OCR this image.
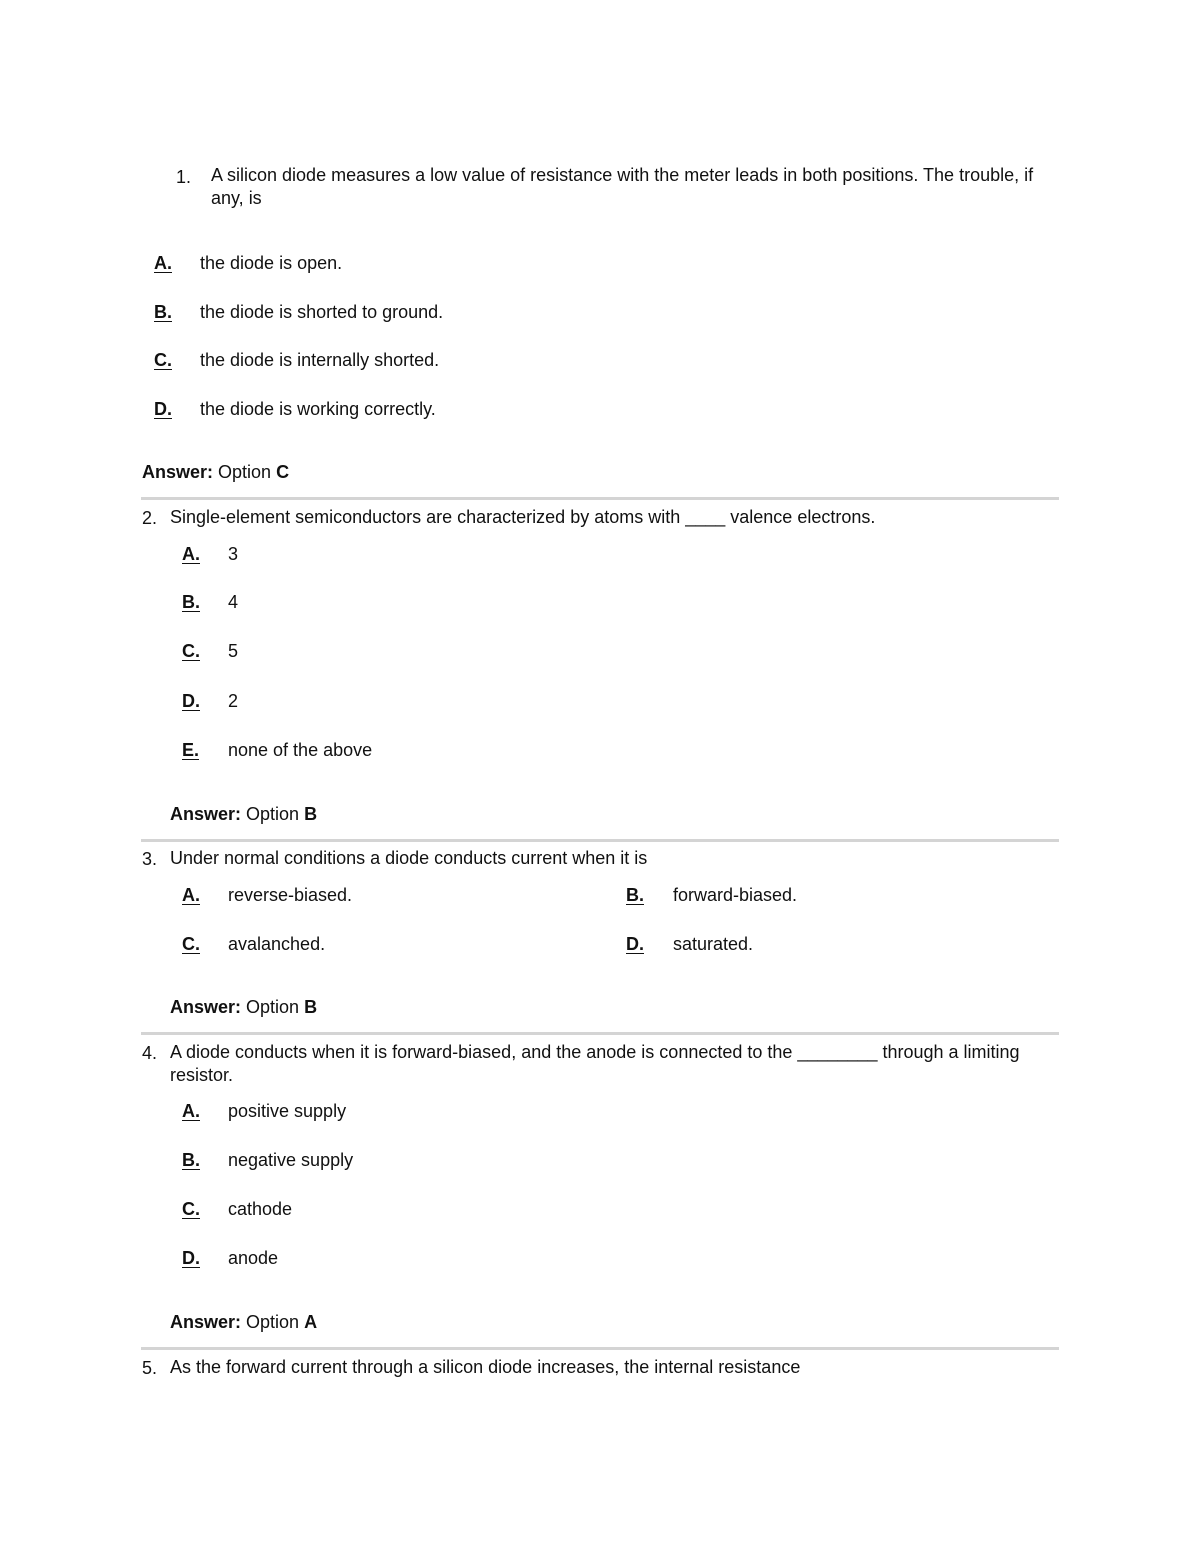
1. A silicon diode measures a low value of resistance with the meter leads in both positions. The trouble, if any, is
A. the diode is open.
B. the diode is shorted to ground.
C. the diode is internally shorted.
D. the diode is working correctly.
Answer: Option C
2. Single-element semiconductors are characterized by atoms with ____ valence electrons.
A. 3
B. 4
C. 5
D. 2
E. none of the above
Answer: Option B
3. Under normal conditions a diode conducts current when it is
A. reverse-biased.	B. forward-biased.
C. avalanched.	D. saturated.
Answer: Option B
4. A diode conducts when it is forward-biased, and the anode is connected to the ________ through a limiting resistor.
A. positive supply
B. negative supply
C. cathode
D. anode
Answer: Option A
5. As the forward current through a silicon diode increases, the internal resistance
